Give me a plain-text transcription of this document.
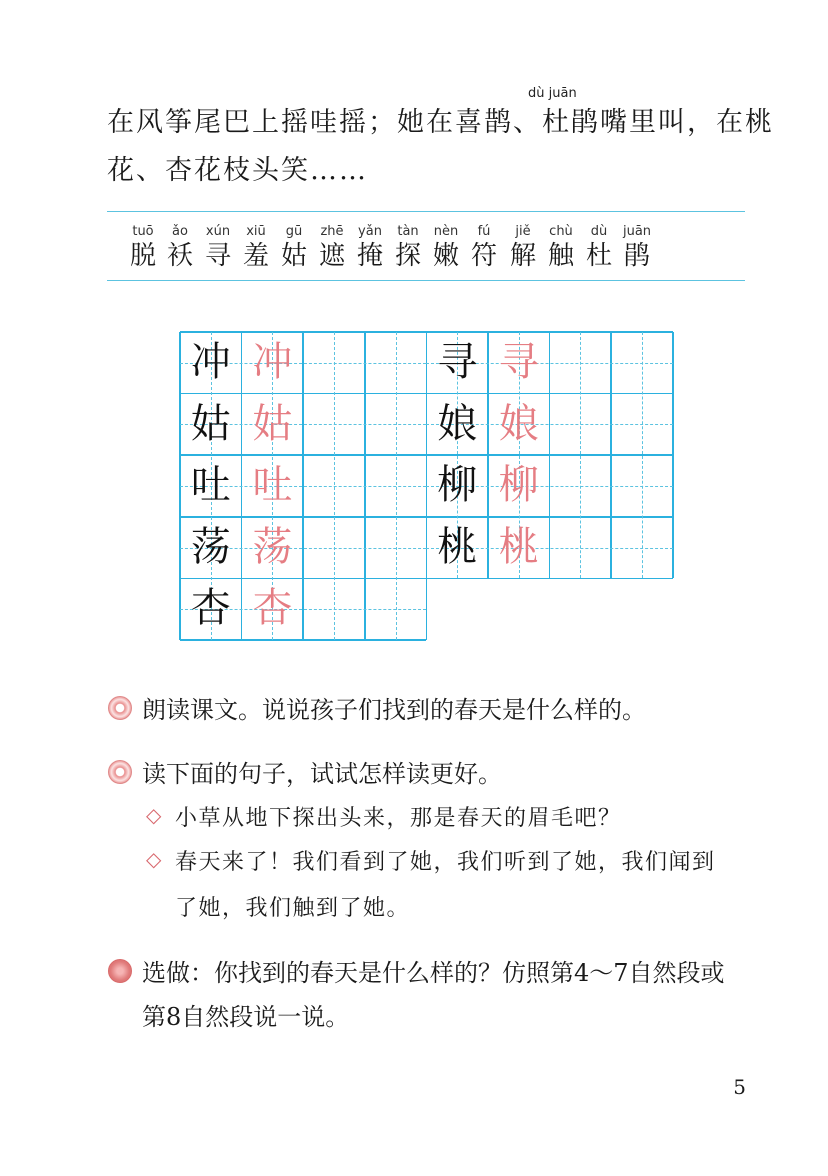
dù juān
在风筝尾巴上摇哇摇；她在喜鹊、杜鹃嘴里叫，在桃
花、杏花枝头笑……
tuō
脱
ǎo
袄
xún
寻
xiū
羞
gū
姑
zhē
遮
yǎn
掩
tàn
探
nèn
嫩
fú
符
jiě
解
chù
触
dù
杜
juān
鹃
冲 冲
姑 姑
吐 吐
荡 荡
杏 杏
寻 寻
娘 娘
柳 柳
桃 桃
朗读课文。说说孩子们找到的春天是什么样的。
读下面的句子，试试怎样读更好。
◇ 小草从地下探出头来，那是春天的眉毛吧？
◇ 春天来了！我们看到了她，我们听到了她，我们闻到
了她，我们触到了她。
选做：你找到的春天是什么样的？仿照第4～7自然段或
第8自然段说一说。
5
